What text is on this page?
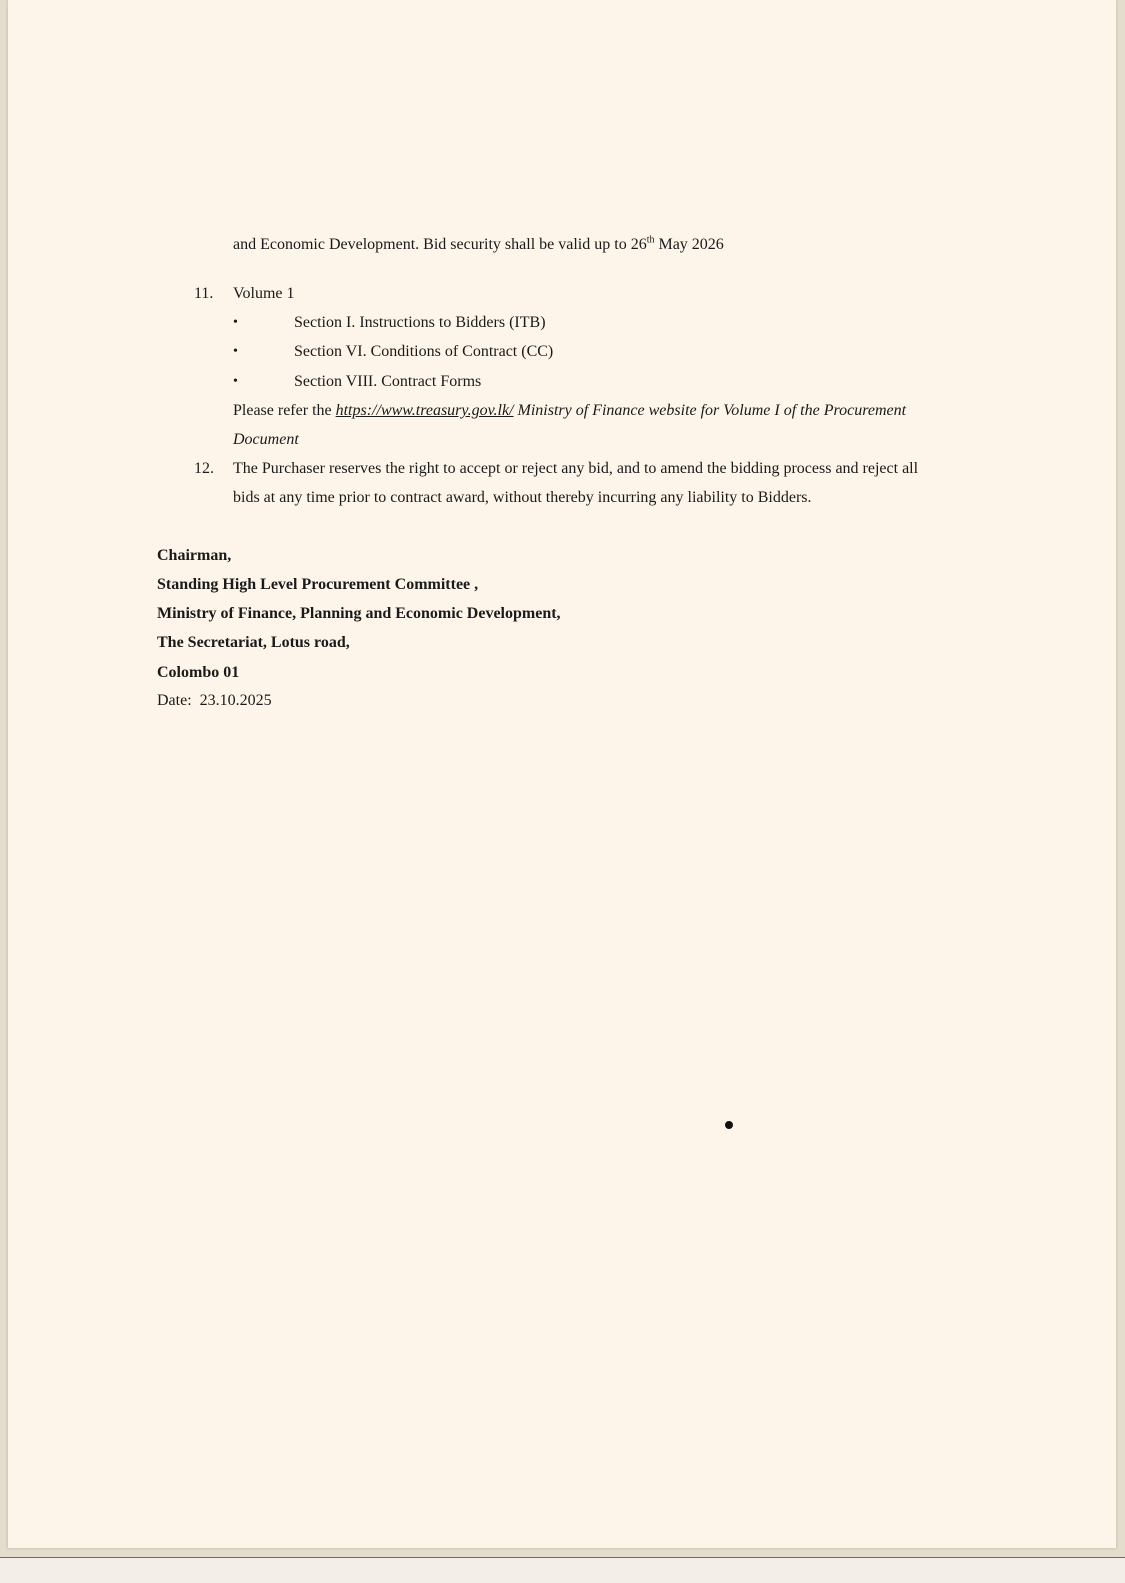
and Economic Development. Bid security shall be valid up to 26th May 2026
11. Volume 1
•	Section I. Instructions to Bidders (ITB)
•	Section VI. Conditions of Contract (CC)
•	Section VIII. Contract Forms
Please refer the https://www.treasury.gov.lk/ Ministry of Finance website for Volume I of the Procurement
Document
12. The Purchaser reserves the right to accept or reject any bid, and to amend the bidding process and reject all
bids at any time prior to contract award, without thereby incurring any liability to Bidders.
Chairman,
Standing High Level Procurement Committee ,
Ministry of Finance, Planning and Economic Development,
The Secretariat, Lotus road,
Colombo 01
Date: 23.10.2025
